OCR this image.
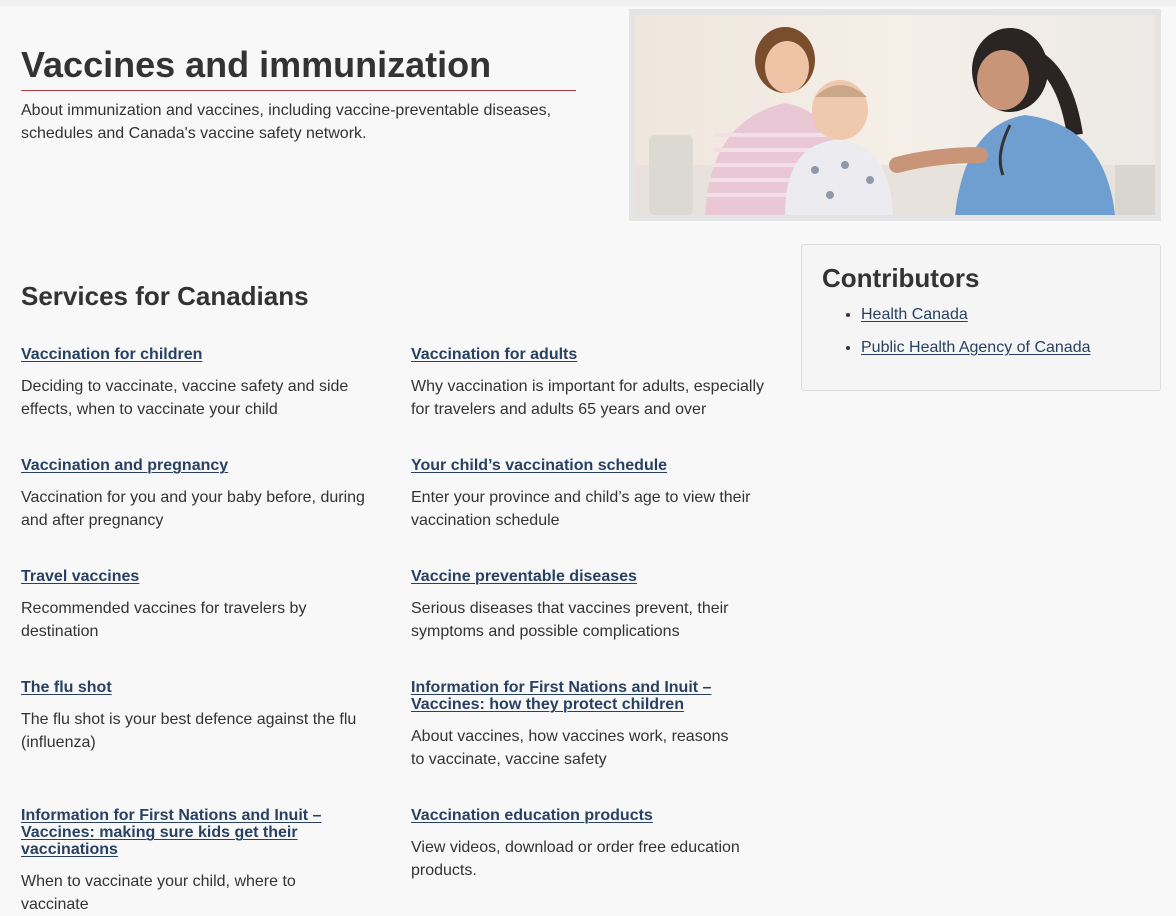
Vaccines and immunization

About immunization and vaccines, including vaccine-preventable diseases, schedules and Canada's vaccine safety network.

Services for Canadians

Vaccination for children

Deciding to vaccinate, vaccine safety and side effects, when to vaccinate your child

Vaccination for adults

Why vaccination is important for adults, especially for travelers and adults 65 years and over

Vaccination and pregnancy

Vaccination for you and your baby before, during and after pregnancy

Your child’s vaccination schedule

Enter your province and child’s age to view their vaccination schedule

Travel vaccines

Recommended vaccines for travelers by destination

Vaccine preventable diseases

Serious diseases that vaccines prevent, their symptoms and possible complications

The flu shot

The flu shot is your best defence against the flu (influenza)

Information for First Nations and Inuit – Vaccines: how they protect children

About vaccines, how vaccines work, reasons to vaccinate, vaccine safety

Information for First Nations and Inuit – Vaccines: making sure kids get their vaccinations

When to vaccinate your child, where to vaccinate

Vaccination education products

View videos, download or order free education products.

Contributors
• Health Canada
• Public Health Agency of Canada
